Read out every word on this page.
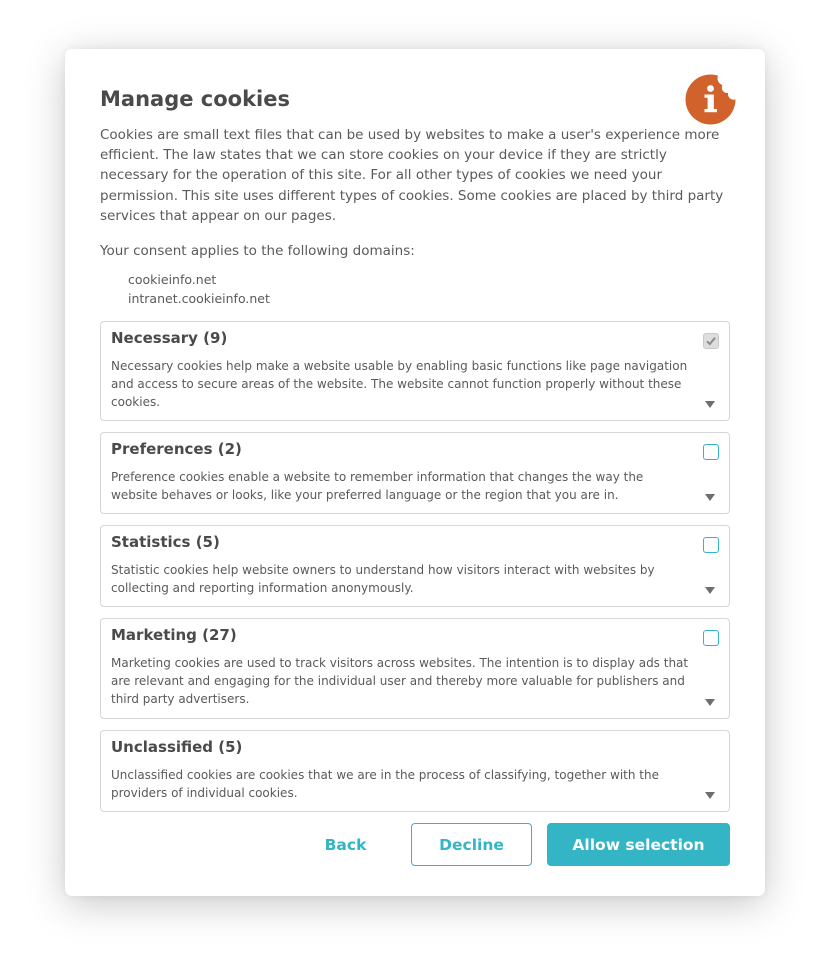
Manage cookies

Cookies are small text files that can be used by websites to make a user's experience more efficient. The law states that we can store cookies on your device if they are strictly necessary for the operation of this site. For all other types of cookies we need your permission. This site uses different types of cookies. Some cookies are placed by third party services that appear on our pages.

Your consent applies to the following domains:

cookieinfo.net
intranet.cookieinfo.net
Necessary (9)

Necessary cookies help make a website usable by enabling basic functions like page navigation and access to secure areas of the website. The website cannot function properly without these cookies.

Preferences (2)

Preference cookies enable a website to remember information that changes the way the website behaves or looks, like your preferred language or the region that you are in.

Statistics (5)

Statistic cookies help website owners to understand how visitors interact with websites by collecting and reporting information anonymously.

Marketing (27)

Marketing cookies are used to track visitors across websites. The intention is to display ads that are relevant and engaging for the individual user and thereby more valuable for publishers and third party advertisers.

Unclassified (5)

Unclassified cookies are cookies that we are in the process of classifying, together with the providers of individual cookies.

Back	Decline	Allow selection
